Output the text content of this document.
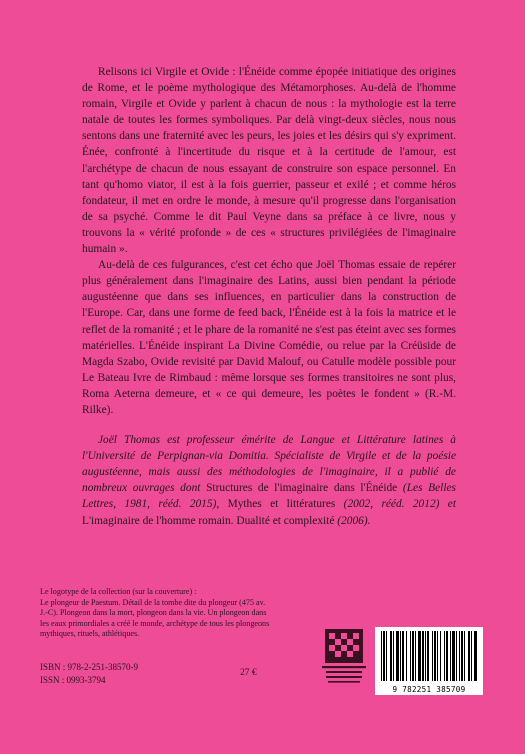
Relisons ici Virgile et Ovide : l'Énéide comme épopée initiatique des origines de Rome, et le poème mythologique des Métamorphoses. Au-delà de l'homme romain, Virgile et Ovide y parlent à chacun de nous : la mythologie est la terre natale de toutes les formes symboliques. Par delà vingt-deux siècles, nous nous sentons dans une fraternité avec les peurs, les joies et les désirs qui s'y expriment. Énée, confronté à l'incertitude du risque et à la certitude de l'amour, est l'archétype de chacun de nous essayant de construire son espace personnel. En tant qu'homo viator, il est à la fois guerrier, passeur et exilé ; et comme héros fondateur, il met en ordre le monde, à mesure qu'il progresse dans l'organisation de sa psyché. Comme le dit Paul Veyne dans sa préface à ce livre, nous y trouvons la « vérité profonde » de ces « structures privilégiées de l'imaginaire humain ».

Au-delà de ces fulgurances, c'est cet écho que Joël Thomas essaie de repérer plus généralement dans l'imaginaire des Latins, aussi bien pendant la période augustéenne que dans ses influences, en particulier dans la construction de l'Europe. Car, dans une forme de feed back, l'Énéide est à la fois la matrice et le reflet de la romanité ; et le phare de la romanité ne s'est pas éteint avec ses formes matérielles. L'Énéide inspirant La Divine Comédie, ou relue par la Créüside de Magda Szabo, Ovide revisité par David Malouf, ou Catulle modèle possible pour Le Bateau Ivre de Rimbaud : même lorsque ses formes transitoires ne sont plus, Roma Aeterna demeure, et « ce qui demeure, les poètes le fondent » (R.-M. Rilke).

Joël Thomas est professeur émérite de Langue et Littérature latines à l'Université de Perpignan-via Domitia. Spécialiste de Virgile et de la poésie augustéenne, mais aussi des méthodologies de l'imaginaire, il a publié de nombreux ouvrages dont Structures de l'imaginaire dans l'Énéide (Les Belles Lettres, 1981, rééd. 2015), Mythes et littératures (2002, rééd. 2012) et L'imaginaire de l'homme romain. Dualité et complexité (2006).

Le logotype de la collection (sur la couverture) :

Le plongeur de Paestum. Détail de la tombe dite du plongeur (475 av. J.-C). Plongeon dans la mort, plongeon dans la vie. Un plongeon dans les eaux primordiales a créé le monde, archétype de tous les plongeons mythiques, rituels, athlétiques.

ISBN : 978-2-251-38570-9
ISSN : 0993-3794
27 €
9 782251 385709
